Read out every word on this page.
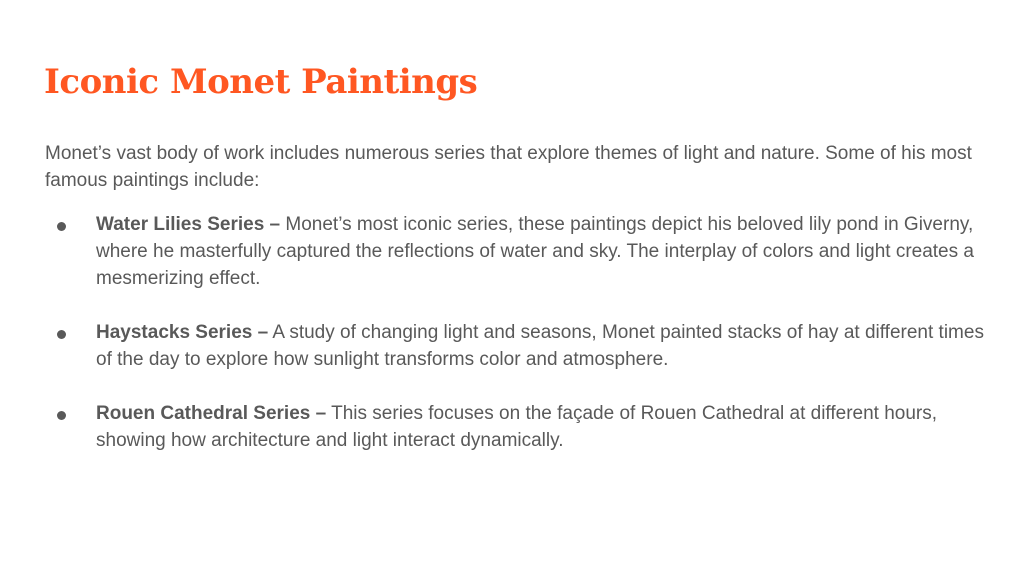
Iconic Monet Paintings

Monet’s vast body of work includes numerous series that explore themes of light and nature. Some of his most famous paintings include:

Water Lilies Series – Monet’s most iconic series, these paintings depict his beloved lily pond in Giverny, where he masterfully captured the reflections of water and sky. The interplay of colors and light creates a mesmerizing effect.
Haystacks Series – A study of changing light and seasons, Monet painted stacks of hay at different times of the day to explore how sunlight transforms color and atmosphere.
Rouen Cathedral Series – This series focuses on the façade of Rouen Cathedral at different hours, showing how architecture and light interact dynamically.
